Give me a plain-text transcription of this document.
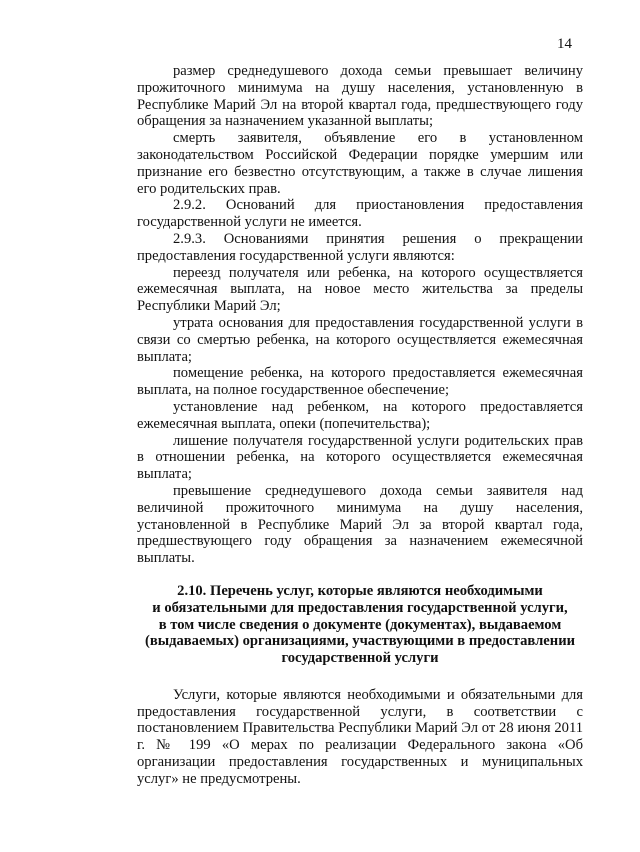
14

размер среднедушевого дохода семьи превышает величину прожиточного минимума на душу населения, установленную в Республике Марий Эл на второй квартал года, предшествующего году обращения за назначением указанной выплаты;

смерть заявителя, объявление его в установленном законодательством Российской Федерации порядке умершим или признание его безвестно отсутствующим, а также в случае лишения его родительских прав.

2.9.2. Оснований для приостановления предоставления государственной услуги не имеется.

2.9.3. Основаниями принятия решения о прекращении предоставления государственной услуги являются:

переезд получателя или ребенка, на которого осуществляется ежемесячная выплата, на новое место жительства за пределы Республики Марий Эл;

утрата основания для предоставления государственной услуги в связи со смертью ребенка, на которого осуществляется ежемесячная выплата;

помещение ребенка, на которого предоставляется ежемесячная выплата, на полное государственное обеспечение;

установление над ребенком, на которого предоставляется ежемесячная выплата, опеки (попечительства);

лишение получателя государственной услуги родительских прав в отношении ребенка, на которого осуществляется ежемесячная выплата;

превышение среднедушевого дохода семьи заявителя над величиной прожиточного минимума на душу населения, установленной в Республике Марий Эл за второй квартал года, предшествующего году обращения за назначением ежемесячной выплаты.

2.10. Перечень услуг, которые являются необходимыми
и обязательными для предоставления государственной услуги,
в том числе сведения о документе (документах), выдаваемом
(выдаваемых) организациями, участвующими в предоставлении
государственной услуги

Услуги, которые являются необходимыми и обязательными для предоставления государственной услуги, в соответствии с постановлением Правительства Республики Марий Эл от 28 июня 2011 г. № 199 «О мерах по реализации Федерального закона «Об организации предоставления государственных и муниципальных услуг» не предусмотрены.
